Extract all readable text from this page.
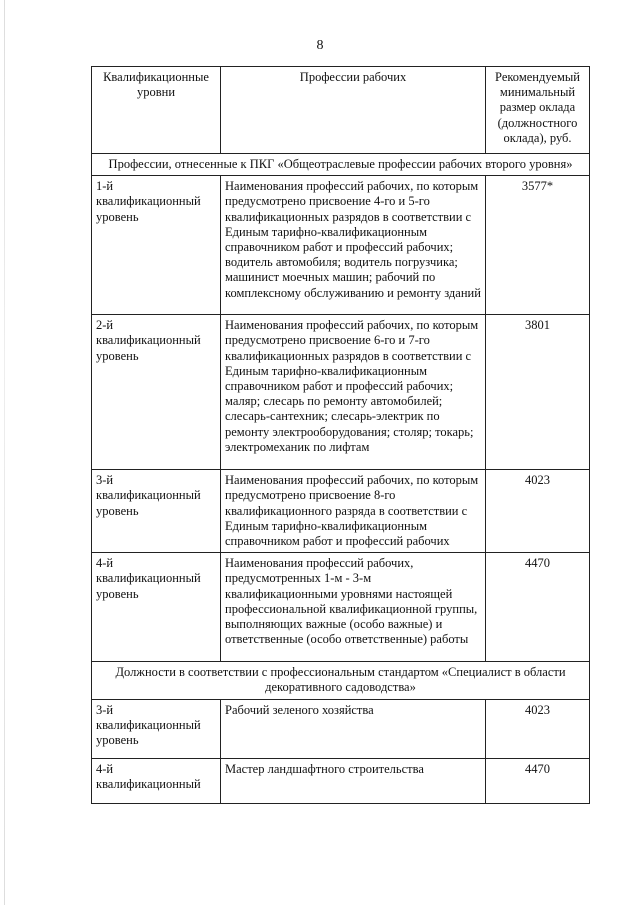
8
Квалификационные уровни	Профессии рабочих	Рекомендуемый минимальный размер оклада (должностного оклада), руб.
Профессии, отнесенные к ПКГ «Общеотраслевые профессии рабочих второго уровня»		
1-й квалификационный уровень	Наименования профессий рабочих, по которым предусмотрено присвоение 4-го и 5-го квалификационных разрядов в соответствии с Единым тарифно-квалификационным справочником работ и профессий рабочих; водитель автомобиля; водитель погрузчика; машинист моечных машин; рабочий по комплексному обслуживанию и ремонту зданий	3577*
2-й квалификационный уровень	Наименования профессий рабочих, по которым предусмотрено присвоение 6-го и 7-го квалификационных разрядов в соответствии с Единым тарифно-квалификационным справочником работ и профессий рабочих; маляр; слесарь по ремонту автомобилей; слесарь-сантехник; слесарь-электрик по ремонту электрооборудования; столяр; токарь; электромеханик по лифтам	3801
3-й квалификационный уровень	Наименования профессий рабочих, по которым предусмотрено присвоение 8-го квалификационного разряда в соответствии с Единым тарифно-квалификационным справочником работ и профессий рабочих	4023
4-й квалификационный уровень	Наименования профессий рабочих, предусмотренных 1-м - 3-м квалификационными уровнями настоящей профессиональной квалификационной группы, выполняющих важные (особо важные) и ответственные (особо ответственные) работы	4470
Должности в соответствии с профессиональным стандартом «Специалист в области декоративного садоводства»		
3-й квалификационный уровень	Рабочий зеленого хозяйства	4023
4-й квалификационный	Мастер ландшафтного строительства	4470
